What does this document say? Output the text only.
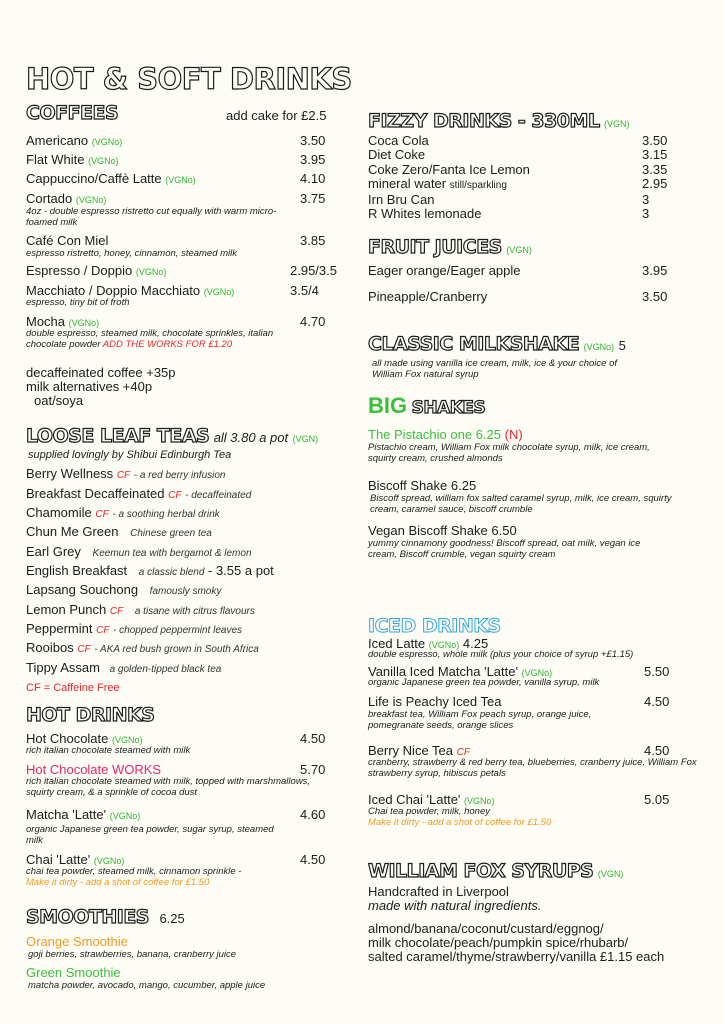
HOT & SOFT DRINKS
COFFEES	add cake for £2.5
Americano (VGNo)	3.50
Flat White (VGNo)	3.95
Cappuccino/Caffè Latte (VGNo)	4.10
Cortado (VGNo)	3.75
4oz - double espresso ristretto cut equally with warm micro-foamed milk
Café Con Miel	3.85
espresso ristretto, honey, cinnamon, steamed milk
Espresso / Doppio (VGNo)	2.95/3.5
Macchiato / Doppio Macchiato (VGNo)	3.5/4
espresso, tiny bit of froth
Mocha (VGNo)	4.70
double espresso, steamed milk, chocolate sprinkles, italian chocolate powder ADD THE WORKS FOR £1.20
decaffeinated coffee +35p
milk alternatives +40p
oat/soya
LOOSE LEAF TEAS all 3.80 a pot (VGN)
supplied lovingly by Shibui Edinburgh Tea
Berry Wellness CF - a red berry infusion
Breakfast Decaffeinated CF - decaffeinated
Chamomile CF - a soothing herbal drink
Chun Me Green Chinese green tea
Earl Grey Keemun tea with bergamot & lemon
English Breakfast a classic blend - 3.55 a pot
Lapsang Souchong famously smoky
Lemon Punch CF a tisane with citrus flavours
Peppermint CF - chopped peppermint leaves
Rooibos CF - AKA red bush grown in South Africa
Tippy Assam a golden-tipped black tea
CF = Caffeine Free
HOT DRINKS
Hot Chocolate (VGNo)	4.50
rich italian chocolate steamed with milk
Hot Chocolate WORKS	5.70
rich italian chocolate steamed with milk, topped with marshmallows, squirty cream, & a sprinkle of cocoa dust
Matcha 'Latte' (VGNo)	4.60
organic Japanese green tea powder, sugar syrup, steamed milk
Chai 'Latte' (VGNo)	4.50
chai tea powder, steamed milk, cinnamon sprinkle -
Make it dirty - add a shot of coffee for £1.50
SMOOTHIES 6.25
Orange Smoothie
goji berries, strawberries, banana, cranberry juice
Green Smoothie
matcha powder, avocado, mango, cucumber, apple juice
FIZZY DRINKS - 330ML (VGN)
Coca Cola	3.50
Diet Coke	3.15
Coke Zero/Fanta Ice Lemon	3.35
mineral water still/sparkling	2.95
Irn Bru Can	3
R Whites lemonade	3
FRUIT JUICES (VGN)
Eager orange/Eager apple	3.95
Pineapple/Cranberry	3.50
CLASSIC MILKSHAKE (VGNo) 5
all made using vanilla ice cream, milk, ice & your choice of William Fox natural syrup
BIG SHAKES
The Pistachio one 6.25 (N)
Pistachio cream, William Fox milk chocolate syrup, milk, ice cream, squirty cream, crushed almonds
Biscoff Shake 6.25
Biscoff spread, william fox salted caramel syrup, milk, ice cream, squirty cream, caramel sauce, biscoff crumble
Vegan Biscoff Shake 6.50
yummy cinnamony goodness! Biscoff spread, oat milk, vegan ice cream, Biscoff crumble, vegan squirty cream
ICED DRINKS
Iced Latte (VGNo) 4.25
double espresso, whole milk (plus your choice of syrup +£1.15)
Vanilla Iced Matcha 'Latte' (VGNo)	5.50
organic Japanese green tea powder, vanilla syrup, milk
Life is Peachy Iced Tea	4.50
breakfast tea, William Fox peach syrup, orange juice, pomegranate seeds, orange slices
Berry Nice Tea CF	4.50
cranberry, strawberry & red berry tea, blueberries, cranberry juice, William Fox strawberry syrup, hibiscus petals
Iced Chai 'Latte' (VGNo)	5.05
Chai tea powder, milk, honey
Make it dirty - add a shot of coffee for £1.50
WILLIAM FOX SYRUPS (VGN)
Handcrafted in Liverpool
made with natural ingredients.
almond/banana/coconut/custard/eggnog/
milk chocolate/peach/pumpkin spice/rhubarb/
salted caramel/thyme/strawberry/vanilla £1.15 each
